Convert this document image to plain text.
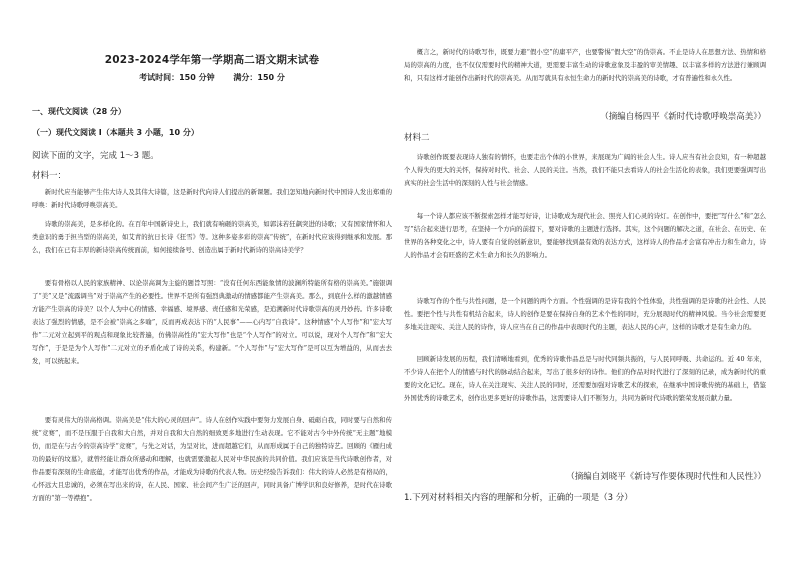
2023-2024学年第一学期高二语文期末试卷
考试时间：150 分钟 满分：150 分
一、现代文阅读（28 分）
（一）现代文阅读 I（本题共 3 小题，10 分）
阅读下面的文字，完成 1～3 题。
材料一：

新时代应当能够产生伟大诗人及其伟大诗篇，这是新时代向诗人们提出的新课题。我们怎知地向新时代中国诗人发出郑重的呼唤：新时代诗歌呼唤崇高美。

诗歌的崇高美，是多样化的。在百年中国新诗史上，我们就有响砸的崇高美，如郭沫若狂飙突进的诗歌；又有国家情怀和人类意识的勇于担当型的崇高美，如艾青的抗日长诗《狂雪》等。这种多姿多彩的崇高“传统”，在新时代应该得到继承和发展。那么，我们在已有丰厚的新诗崇高传统面前，如何接续备号、创造出属于新时代新诗的崇高诗美学？

要有骨格以人民的家族精神、以论崇高调为主旋的题旨写照：“没有任何东西能象情的波澜所特能所有格的崇高美。”施银调了“美”又是“流露调当”对于崇高产生的必要性。世界不是所有强烈典激动的情感都能产生崇高美。那么，到底什么样的激越情感方能产生崇高的诗美？以个人为中心的情感、幸福感、境界感、责任感和光荣感，是追溯新时代诗歌崇高的灵丹妙药。许多诗歌表达了强烈的情感，是不会被“崇高之多喻”，反而再成表达下的“人民事”——心内写“自我诗”。这种情感“个人写作”和“宏大写作”二元对立起到平的观点和现象比较普遍，仿佛崇高性的“宏大写作”也是“个人写作”的对立。可以说，现对个人写作”和“宏大写作”，于是是为个人写作”二元对立的矛盾化成了诗的关系，构建新。“个人写作”与“宏大写作”是可以互为增益的，从而去去发，可以统起来。

要有灵伟大的崇高格调。崇高美是“伟大的心灵的回声”。诗人在创作实践中要努力发展自身、砥砺自我，同时要与自然和传统“竞赛”，而不是压服于自我和大自然，并对自我和大自然的细致更多地进行生动表现。它不能对古今中外传统“无主题”地模仿，而是在与古今的崇高诗学“竞赛”，与先之对话，为呈对比，进而超越它们，从而形成属于自己的独特诗艺。回顾的《雁归成功的最好的坟墓》，就曾经能让群众所感动和理解，也就需要激起人民对中华民族的共同价值。我们应该是当代诗歌创作者，对作品要有深刻的生命底蕴，才能写出优秀的作品，才能成为诗歌的代表人物。历史经验告诉我们：伟大的诗人必然是有格局的，心怀远大且忠诚的，必须在写出来的诗，在人民、国家、社会间产生广泛的回声，同时具备广博学识和良好修养，是时代在诗歌方面的“第一等襟抱”。

概言之，新时代的诗歌写作，既要力避“假小空”的庸平产，也要警惕“假大空”的伪崇高。不止是诗人在思想方法、热情和格局的崇高的力度，也不仅仅需要时代的精神大道，更需要丰富生动的诗歌意象及丰盈的审美情趣、以丰富多样的方法进行兼顾调和，只有这样才能创作出新时代的崇高美。从而写就具有永恒生命力的新时代的崇高美的诗歌，才有普遍性和永久性。

（摘编自杨四平《新时代诗歌呼唤崇高美》）
材料二

诗歌创作既要表现诗人独有的情怀，也要走出个体的小世界，来展现为广阔的社会人生。诗人应当有社会良知，有一种超越个人得失的更大的关怀，保持对时代、社会、人民的关注。当然，我们不能只去看诗人的社会生活化的表象，我们更要强调写出真实的社会生活中的深刻的人性与社会情感。

每一个诗人都应该不断探索怎样才能写好诗，让诗歌成为现代社会、照亮人们心灵的诗灯。在创作中，要把“写什么”和“怎么写”结合起来进行思考，在坚持一个方向的前提下，要对诗歌的主题进行选择。其实，这个问题的解决之道，在社会、在历史、在世界的各种变化之中，诗人要有自觉的创新意识，要能够找到最有效的表达方式，这样诗人的作品才会富有冲击力和生命力，诗人的作品才会有旺盛的艺术生命力和长久的影响力。

诗歌写作的个性与共性问题，是一个问题的两个方面。个性强调的是诗有我的个性体验，共性强调的是诗歌的社会性、人民性。要把个性与共性有机结合起来，诗人的创作是要在保持自身的艺术个性的同时，充分展现时代的精神风貌。当今社会需要更多地关注现实、关注人民的诗作，诗人应当在自己的作品中表现时代的主题，表达人民的心声，这样的诗歌才是有生命力的。

回顾新诗发展的历程，我们清晰地看到，优秀的诗歌作品总是与时代同频共振的，与人民同呼吸、共命运的。近 40 年来，不少诗人在把个人的情感与时代的脉动结合起来，写出了很多好的诗作。他们的作品对时代进行了深刻的记录，成为新时代的重要的文化记忆。现在，诗人在关注现实、关注人民的同时，还需要加强对诗歌艺术的探索，在继承中国诗歌传统的基础上，借鉴外国优秀的诗歌艺术，创作出更多更好的诗歌作品，这需要诗人们不断努力，共同为新时代诗歌的繁荣发展贡献力量。

（摘编自刘晓平《新诗写作要体现时代性和人民性》）
1.下列对材料相关内容的理解和分析，正确的一项是（3 分）
